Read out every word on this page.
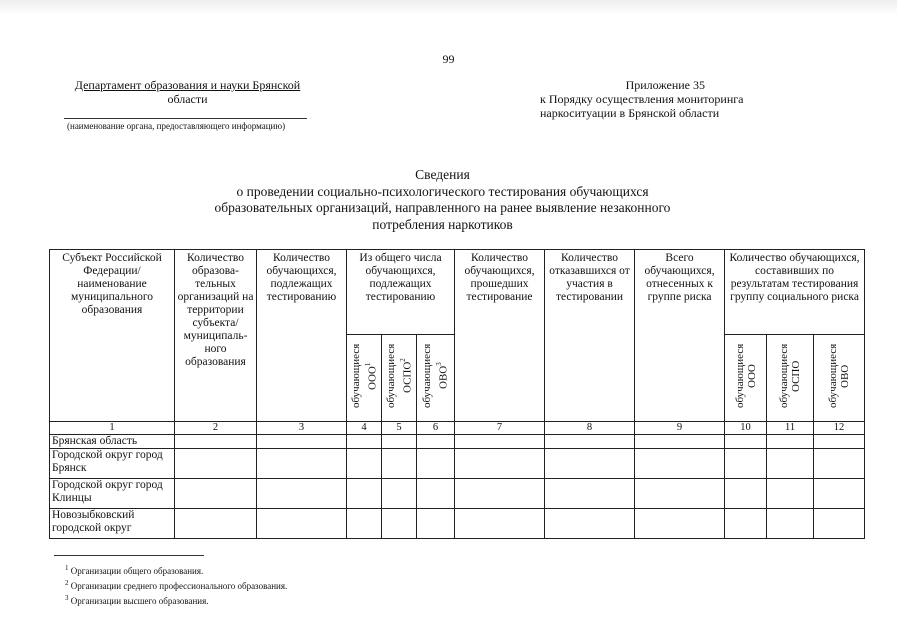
99
Департамент образования и науки Брянской
области
(наименование органа, предоставляющего информацию)
Приложение 35
к Порядку осуществления мониторинга
наркоситуации в Брянской области
Сведения
о проведении социально-психологического тестирования обучающихся
образовательных организаций, направленного на ранее выявление незаконного
потребления наркотиков
Субъект Российской Федерации/ наименование муниципального образования	Количество образова-тельных организаций на территории субъекта/ муниципаль-ного образования	Количество обучающихся, подлежащих тестированию	Из общего числа обучающихся, подлежащих тестированию			Количество обучающихся, прошедших тестирование	Количество отказавшихся от участия в тестировании	Всего обучающихся, отнесенных к группе риска	Количество обучающихся, составивших по результатам тестирования группу социального риска		
			обучающиеся ООО$^1$	обучающиеся ОСПО$^2$	обучающиеся ОВО$^3$				обучающиеся ООО	обучающиеся ОСПО	обучающиеся ОВО
1	2	3	4	5	6	7	8	9	10	11	12
Брянская область											
Городской округ город Брянск											
Городской округ город Клинцы											
Новозыбковский городской округ											
$^1$ Организации общего образования.
$^2$ Организации среднего профессионального образования.
$^3$ Организации высшего образования.
